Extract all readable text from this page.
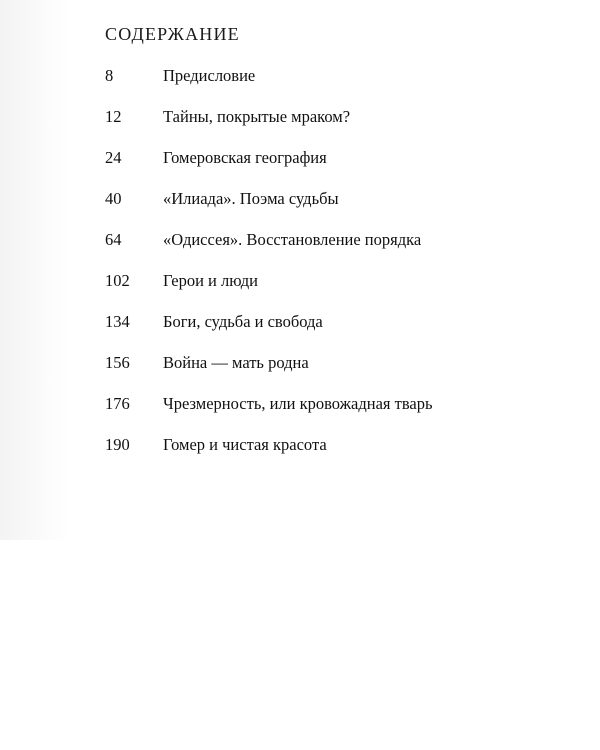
СОДЕРЖАНИЕ
8	Предисловие
12	Тайны, покрытые мраком?
24	Гомеровская география
40	«Илиада». Поэма судьбы
64	«Одиссея». Восстановление порядка
102	Герои и люди
134	Боги, судьба и свобода
156	Война — мать родна
176	Чрезмерность, или кровожадная тварь
190	Гомер и чистая красота
